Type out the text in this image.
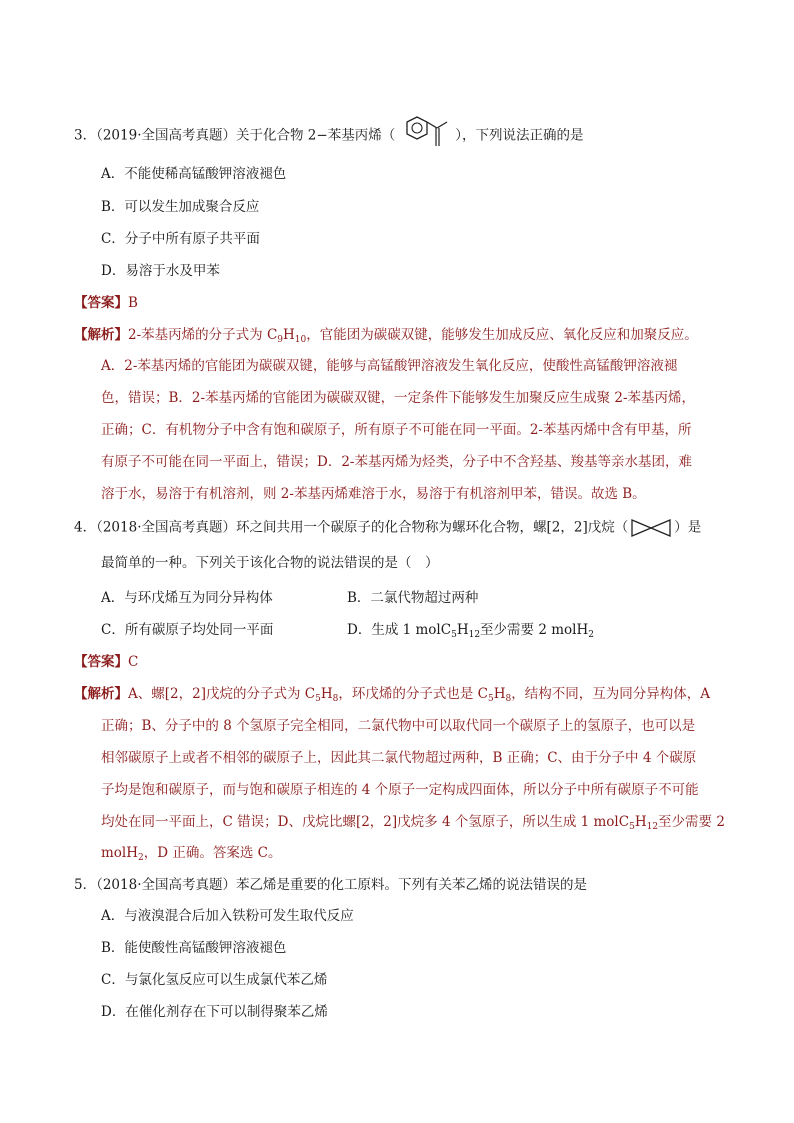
3．（2019·全国高考真题）关于化合物 2−苯基丙烯（	），下列说法正确的是
A．不能使稀高锰酸钾溶液褪色
B．可以发生加成聚合反应
C．分子中所有原子共平面
D．易溶于水及甲苯
【答案】B
【解析】2-苯基丙烯的分子式为 $C_9H_{10}$，官能团为碳碳双键，能够发生加成反应、氧化反应和加聚反应。
A．2-苯基丙烯的官能团为碳碳双键，能够与高锰酸钾溶液发生氧化反应，使酸性高锰酸钾溶液褪
色，错误；B．2-苯基丙烯的官能团为碳碳双键，一定条件下能够发生加聚反应生成聚 2-苯基丙烯，
正确；C．有机物分子中含有饱和碳原子，所有原子不可能在同一平面。2-苯基丙烯中含有甲基，所
有原子不可能在同一平面上，错误；D．2-苯基丙烯为烃类，分子中不含羟基、羧基等亲水基团，难
溶于水，易溶于有机溶剂，则 2-苯基丙烯难溶于水，易溶于有机溶剂甲苯，错误。故选 B。
4．（2018·全国高考真题）环之间共用一个碳原子的化合物称为螺环化合物，螺[2，2]戊烷（	）是
最简单的一种。下列关于该化合物的说法错误的是（　）
A．与环戊烯互为同分异构体	B．二氯代物超过两种
C．所有碳原子均处同一平面	D．生成 1 $molC_5H_{12}$至少需要 2 molH$_2$
【答案】C
【解析】A、螺[2，2]戊烷的分子式为 $C_5H_8$，环戊烯的分子式也是 $C_5H_8$，结构不同，互为同分异构体，A
正确；B、分子中的 8 个氢原子完全相同，二氯代物中可以取代同一个碳原子上的氢原子，也可以是
相邻碳原子上或者不相邻的碳原子上，因此其二氯代物超过两种，B 正确；C、由于分子中 4 个碳原
子均是饱和碳原子，而与饱和碳原子相连的 4 个原子一定构成四面体，所以分子中所有碳原子不可能
均处在同一平面上，C 错误；D、戊烷比螺[2，2]戊烷多 4 个氢原子，所以生成 1 $molC_5H_{12}$至少需要 2
molH$_2$，D 正确。答案选 C。
5．（2018·全国高考真题）苯乙烯是重要的化工原料。下列有关苯乙烯的说法错误的是
A．与液溴混合后加入铁粉可发生取代反应
B．能使酸性高锰酸钾溶液褪色
C．与氯化氢反应可以生成氯代苯乙烯
D．在催化剂存在下可以制得聚苯乙烯
